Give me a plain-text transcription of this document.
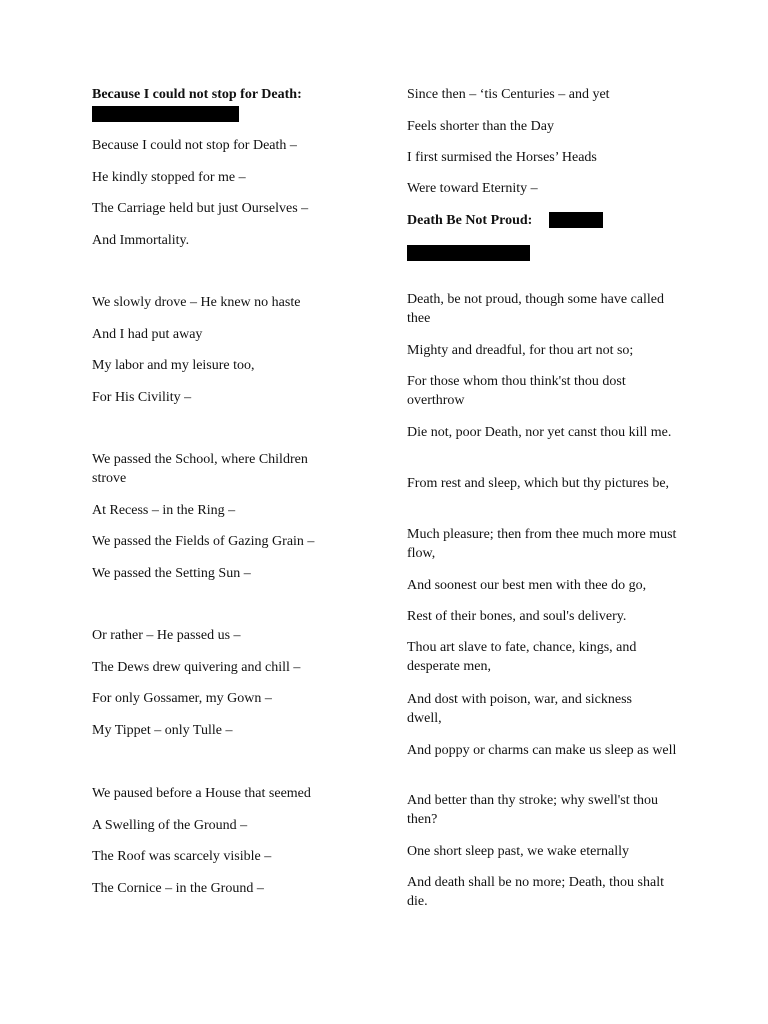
Because I could not stop for Death:
Because I could not stop for Death –
He kindly stopped for me –
The Carriage held but just Ourselves –
And Immortality.
We slowly drove – He knew no haste
And I had put away
My labor and my leisure too,
For His Civility –
We passed the School, where Children strove
At Recess – in the Ring –
We passed the Fields of Gazing Grain –
We passed the Setting Sun –
Or rather – He passed us –
The Dews drew quivering and chill –
For only Gossamer, my Gown –
My Tippet – only Tulle –
We paused before a House that seemed
A Swelling of the Ground –
The Roof was scarcely visible –
The Cornice – in the Ground –
Since then – ‘tis Centuries – and yet
Feels shorter than the Day
I first surmised the Horses’ Heads
Were toward Eternity –
Death Be Not Proud:
Death, be not proud, though some have called thee
Mighty and dreadful, for thou art not so;
For those whom thou think'st thou dost overthrow
Die not, poor Death, nor yet canst thou kill me.
From rest and sleep, which but thy pictures be,
Much pleasure; then from thee much more must flow,
And soonest our best men with thee do go,
Rest of their bones, and soul's delivery.
Thou art slave to fate, chance, kings, and desperate men,
And dost with poison, war, and sickness dwell,
And poppy or charms can make us sleep as well
And better than thy stroke; why swell'st thou then?
One short sleep past, we wake eternally
And death shall be no more; Death, thou shalt die.
